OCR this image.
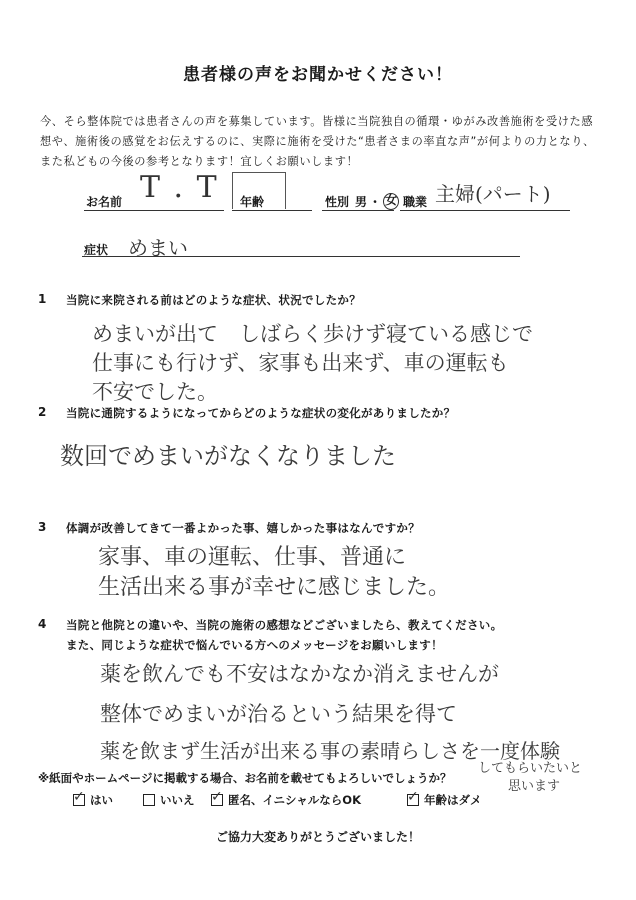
患者様の声をお聞かせください！
今、そら整体院では患者さんの声を募集しています。皆様に当院独自の循環・ゆがみ改善施術を受けた感想や、施術後の感覚をお伝えするのに、実際に施術を受けた“患者さまの率直な声”が何よりの力となり、また私どもの今後の参考となります！宜しくお願いします！
お名前 T . T 年齢	性別 男 ・ 女 職業 主婦(パート)
症状 めまい
1 当院に来院される前はどのような症状、状況でしたか？
めまいが出て　しばらく歩けず寝ている感じで
仕事にも行けず、家事も出来ず、車の運転も
不安でした。
2 当院に通院するようになってからどのような症状の変化がありましたか？
数回でめまいがなくなりました
3 体調が改善してきて一番よかった事、嬉しかった事はなんですか？
家事、車の運転、仕事、普通に
生活出来る事が幸せに感じました。
4 当院と他院との違いや、当院の施術の感想などございましたら、教えてください。
また、同じような症状で悩んでいる方へのメッセージをお願いします！
薬を飲んでも不安はなかなか消えませんが
整体でめまいが治るという結果を得て
薬を飲まず生活が出来る事の素晴らしさを一度体験
してもらいたいと
思います
※紙面やホームページに掲載する場合、お名前を載せてもよろしいでしょうか？
✓ はい	いいえ ✓ 匿名、イニシャルならOK	✓ 年齢はダメ
ご協力大変ありがとうございました！
